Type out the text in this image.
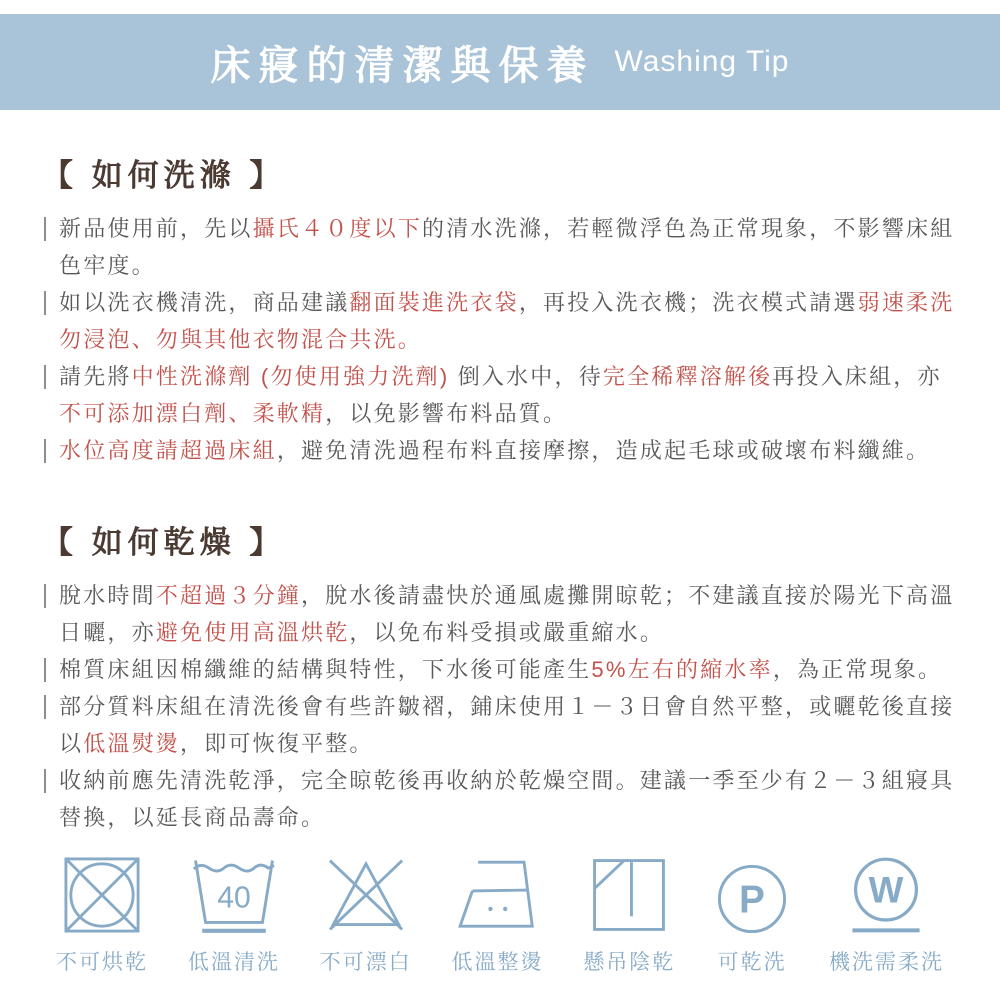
床寢的清潔與保養 Washing Tip
【 如何洗滌 】

新品使用前，先以攝氏４０度以下的清水洗滌，若輕微浮色為正常現象，不影響床組色牢度。

如以洗衣機清洗，商品建議翻面裝進洗衣袋，再投入洗衣機；洗衣模式請選弱速柔洗勿浸泡、勿與其他衣物混合共洗。

請先將中性洗滌劑 (勿使用強力洗劑) 倒入水中，待完全稀釋溶解後再投入床組，亦不可添加漂白劑、柔軟精，以免影響布料品質。

水位高度請超過床組，避免清洗過程布料直接摩擦，造成起毛球或破壞布料纖維。

【 如何乾燥 】

脫水時間不超過３分鐘，脫水後請盡快於通風處攤開晾乾；不建議直接於陽光下高溫日曬，亦避免使用高溫烘乾，以免布料受損或嚴重縮水。

棉質床組因棉纖維的結構與特性，下水後可能產生5%左右的縮水率，為正常現象。

部分質料床組在清洗後會有些許皺褶，鋪床使用１－３日會自然平整，或曬乾後直接以低溫熨燙，即可恢復平整。

收納前應先清洗乾淨，完全晾乾後再收納於乾燥空間。建議一季至少有２－３組寢具替換，以延長商品壽命。

不可烘乾
40
低溫清洗 不可漂白 低溫整燙 懸吊陰乾
P
可乾洗
W
機洗需柔洗
